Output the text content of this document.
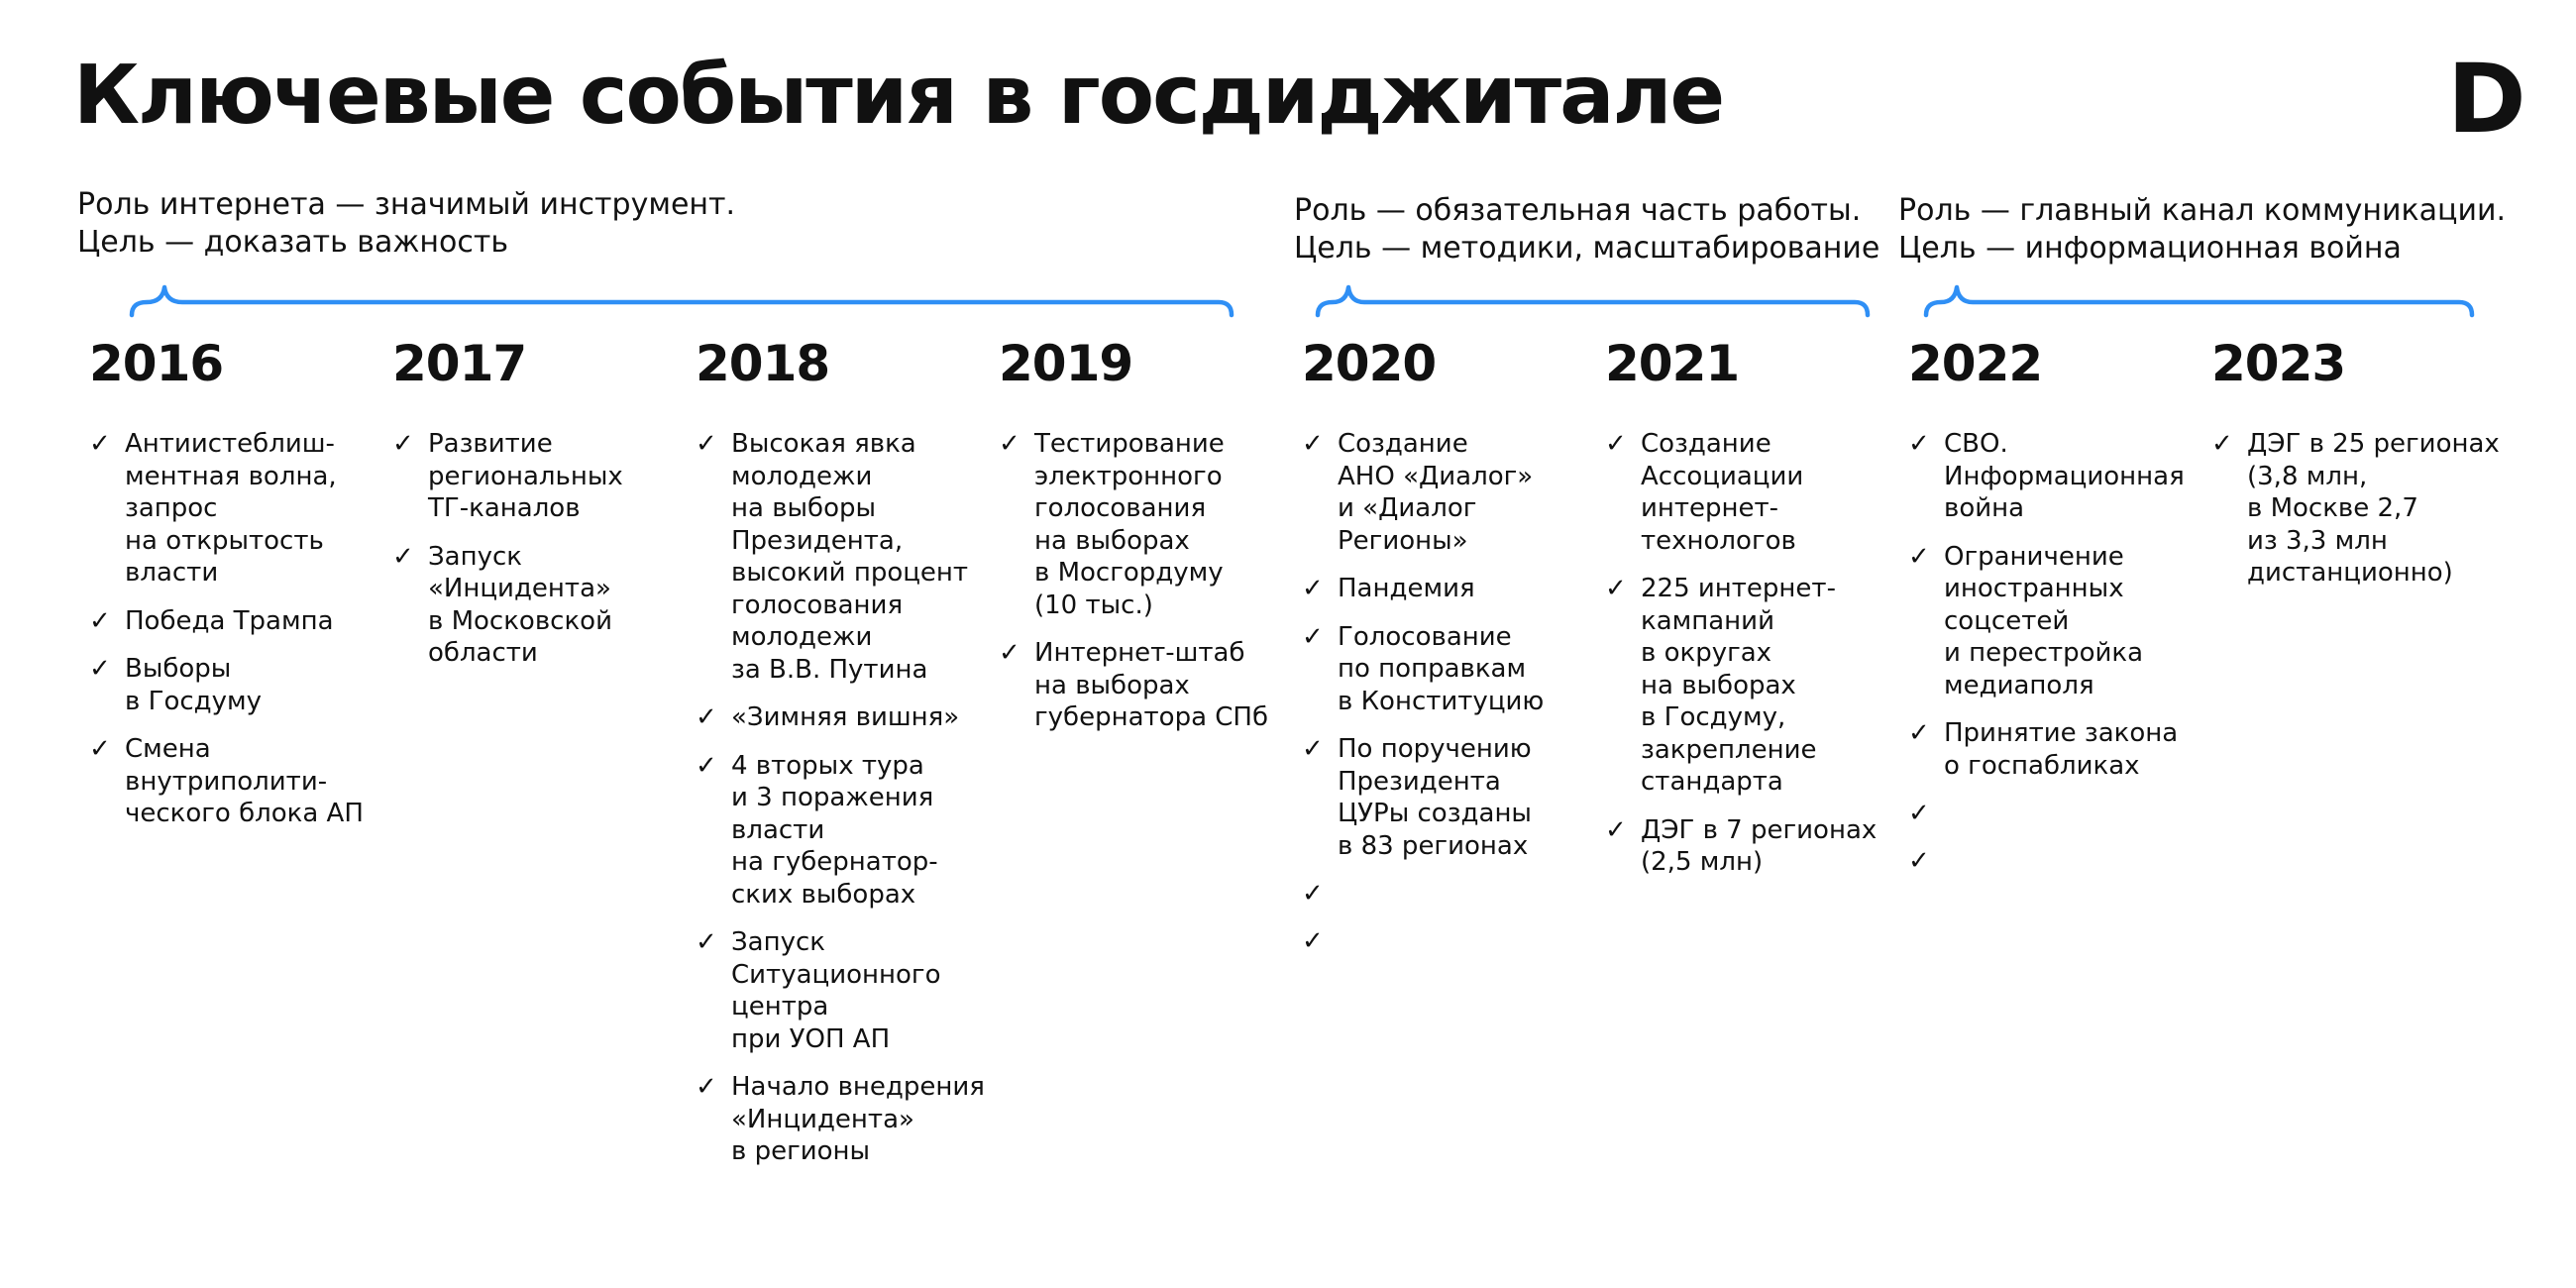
Ключевые события в госдиджитале	D
Роль интернета — значимый инструмент.
Цель — доказать важность
Роль — обязательная часть работы.
Цель — методики, масштабирование
Роль — главный канал коммуникации.
Цель — информационная война
2016
✓ Антиистеблиш-
ментная волна,
запрос
на открытость
власти
✓ Победа Трампа
✓ Выборы
в Госдуму
✓ Смена
внутриполити-
ческого блока АП
2017
✓ Развитие
региональных
ТГ-каналов
✓ Запуск
«Инцидента»
в Московской
области
2018
✓ Высокая явка
молодежи
на выборы
Президента,
высокий процент
голосования
молодежи
за В.В. Путина
✓ «Зимняя вишня»
✓ 4 вторых тура
и 3 поражения
власти
на губернатор-
ских выборах
✓ Запуск
Ситуационного
центра
при УОП АП
✓ Начало внедрения
«Инцидента»
в регионы
2019
✓ Тестирование
электронного
голосования
на выборах
в Мосгордуму
(10 тыс.)
✓ Интернет-штаб
на выборах
губернатора СПб
2020
✓ Создание
АНО «Диалог»
и «Диалог
Регионы»
✓ Пандемия
✓ Голосование
по поправкам
в Конституцию
✓ По поручению
Президента
ЦУРы созданы
в 83 регионах
✓
✓
2021
✓ Создание
Ассоциации
интернет-
технологов
✓ 225 интернет-
кампаний
в округах
на выборах
в Госдуму,
закрепление
стандарта
✓ ДЭГ в 7 регионах
(2,5 млн)
2022
✓ СВО.
Информационная
война
✓ Ограничение
иностранных
соцсетей
и перестройка
медиаполя
✓ Принятие закона
о госпабликах
✓
✓
2023
✓ ДЭГ в 25 регионах
(3,8 млн,
в Москве 2,7
из 3,3 млн
дистанционно)
